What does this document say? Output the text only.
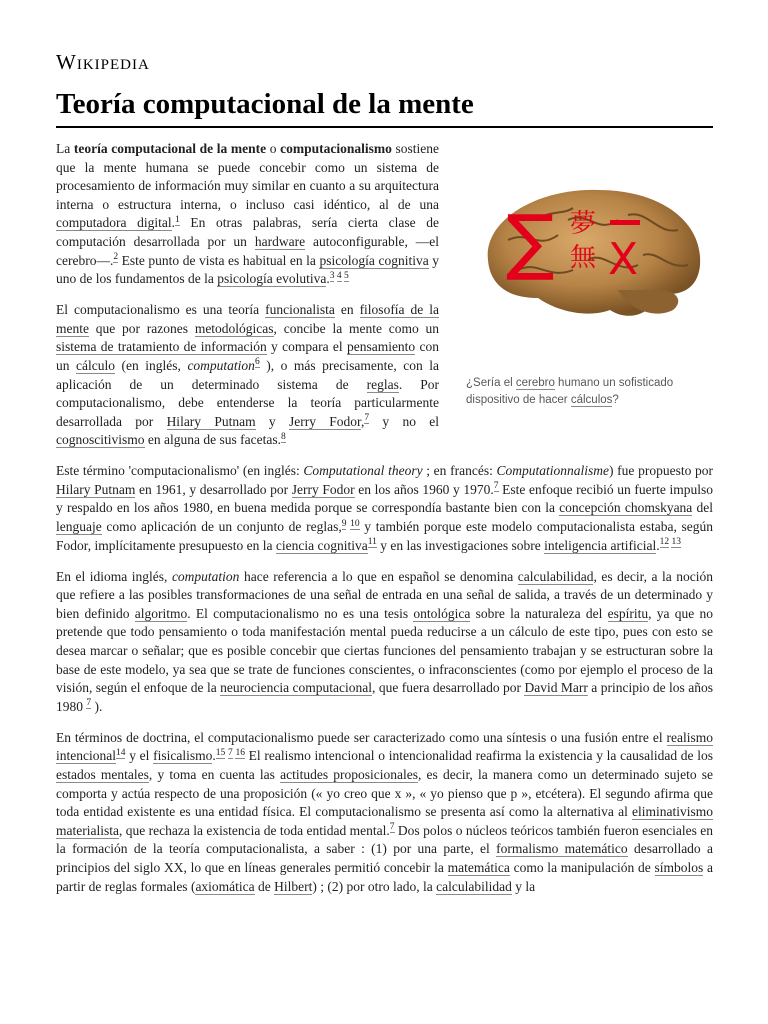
Wikipedia
Teoría computacional de la mente
∑ 夢
無 X
¿Sería el cerebro humano un sofisticado dispositivo de hacer cálculos?

La teoría computacional de la mente o computacionalismo sostiene que la mente humana se puede concebir como un sistema de procesamiento de información muy similar en cuanto a su arquitectura interna o estructura interna, o incluso casi idéntico, al de una computadora digital.$^1$ En otras palabras, sería cierta clase de computación desarrollada por un hardware autoconfigurable, —el cerebro—.$^2$ Este punto de vista es habitual en la psicología cognitiva y uno de los fundamentos de la psicología evolutiva.$^{3 4 5}$

El computacionalismo es una teoría funcionalista en filosofía de la mente que por razones metodológicas, concibe la mente como un sistema de tratamiento de información y compara el pensamiento con un cálculo (en inglés, computation$^6$ ), o más precisamente, con la aplicación de un determinado sistema de reglas. Por computacionalismo, debe entenderse la teoría particularmente desarrollada por Hilary Putnam y Jerry Fodor,$^7$ y no el cognoscitivismo en alguna de sus facetas.$^8$

Este término 'computacionalismo' (en inglés: Computational theory ; en francés: Computationnalisme) fue propuesto por Hilary Putnam en 1961, y desarrollado por Jerry Fodor en los años 1960 y 1970.$^7$ Este enfoque recibió un fuerte impulso y respaldo en los años 1980, en buena medida porque se correspondía bastante bien con la concepción chomskyana del lenguaje como aplicación de un conjunto de reglas,$^{9 10}$ y también porque este modelo computacionalista estaba, según Fodor, implícitamente presupuesto en la ciencia cognitiva$^{11}$ y en las investigaciones sobre inteligencia artificial.$^{12 13}$

En el idioma inglés, computation hace referencia a lo que en español se denomina calculabilidad, es decir, a la noción que refiere a las posibles transformaciones de una señal de entrada en una señal de salida, a través de un determinado y bien definido algoritmo. El computacionalismo no es una tesis ontológica sobre la naturaleza del espíritu, ya que no pretende que todo pensamiento o toda manifestación mental pueda reducirse a un cálculo de este tipo, pues con esto se desea marcar o señalar; que es posible concebir que ciertas funciones del pensamiento trabajan y se estructuran sobre la base de este modelo, ya sea que se trate de funciones conscientes, o infraconscientes (como por ejemplo el proceso de la visión, según el enfoque de la neurociencia computacional, que fuera desarrollado por David Marr a principio de los años 1980 $^7$ ).

En términos de doctrina, el computacionalismo puede ser caracterizado como una síntesis o una fusión entre el realismo intencional$^{14}$ y el fisicalismo.$^{15 7 16}$ El realismo intencional o intencionalidad reafirma la existencia y la causalidad de los estados mentales, y toma en cuenta las actitudes proposicionales, es decir, la manera como un determinado sujeto se comporta y actúa respecto de una proposición (« yo creo que x », « yo pienso que p », etcétera). El segundo afirma que toda entidad existente es una entidad física. El computacionalismo se presenta así como la alternativa al eliminativismo materialista, que rechaza la existencia de toda entidad mental.$^7$ Dos polos o núcleos teóricos también fueron esenciales en la formación de la teoría computacionalista, a saber : (1) por una parte, el formalismo matemático desarrollado a principios del siglo XX, lo que en líneas generales permitió concebir la matemática como la manipulación de símbolos a partir de reglas formales (axiomática de Hilbert) ; (2) por otro lado, la calculabilidad y la
